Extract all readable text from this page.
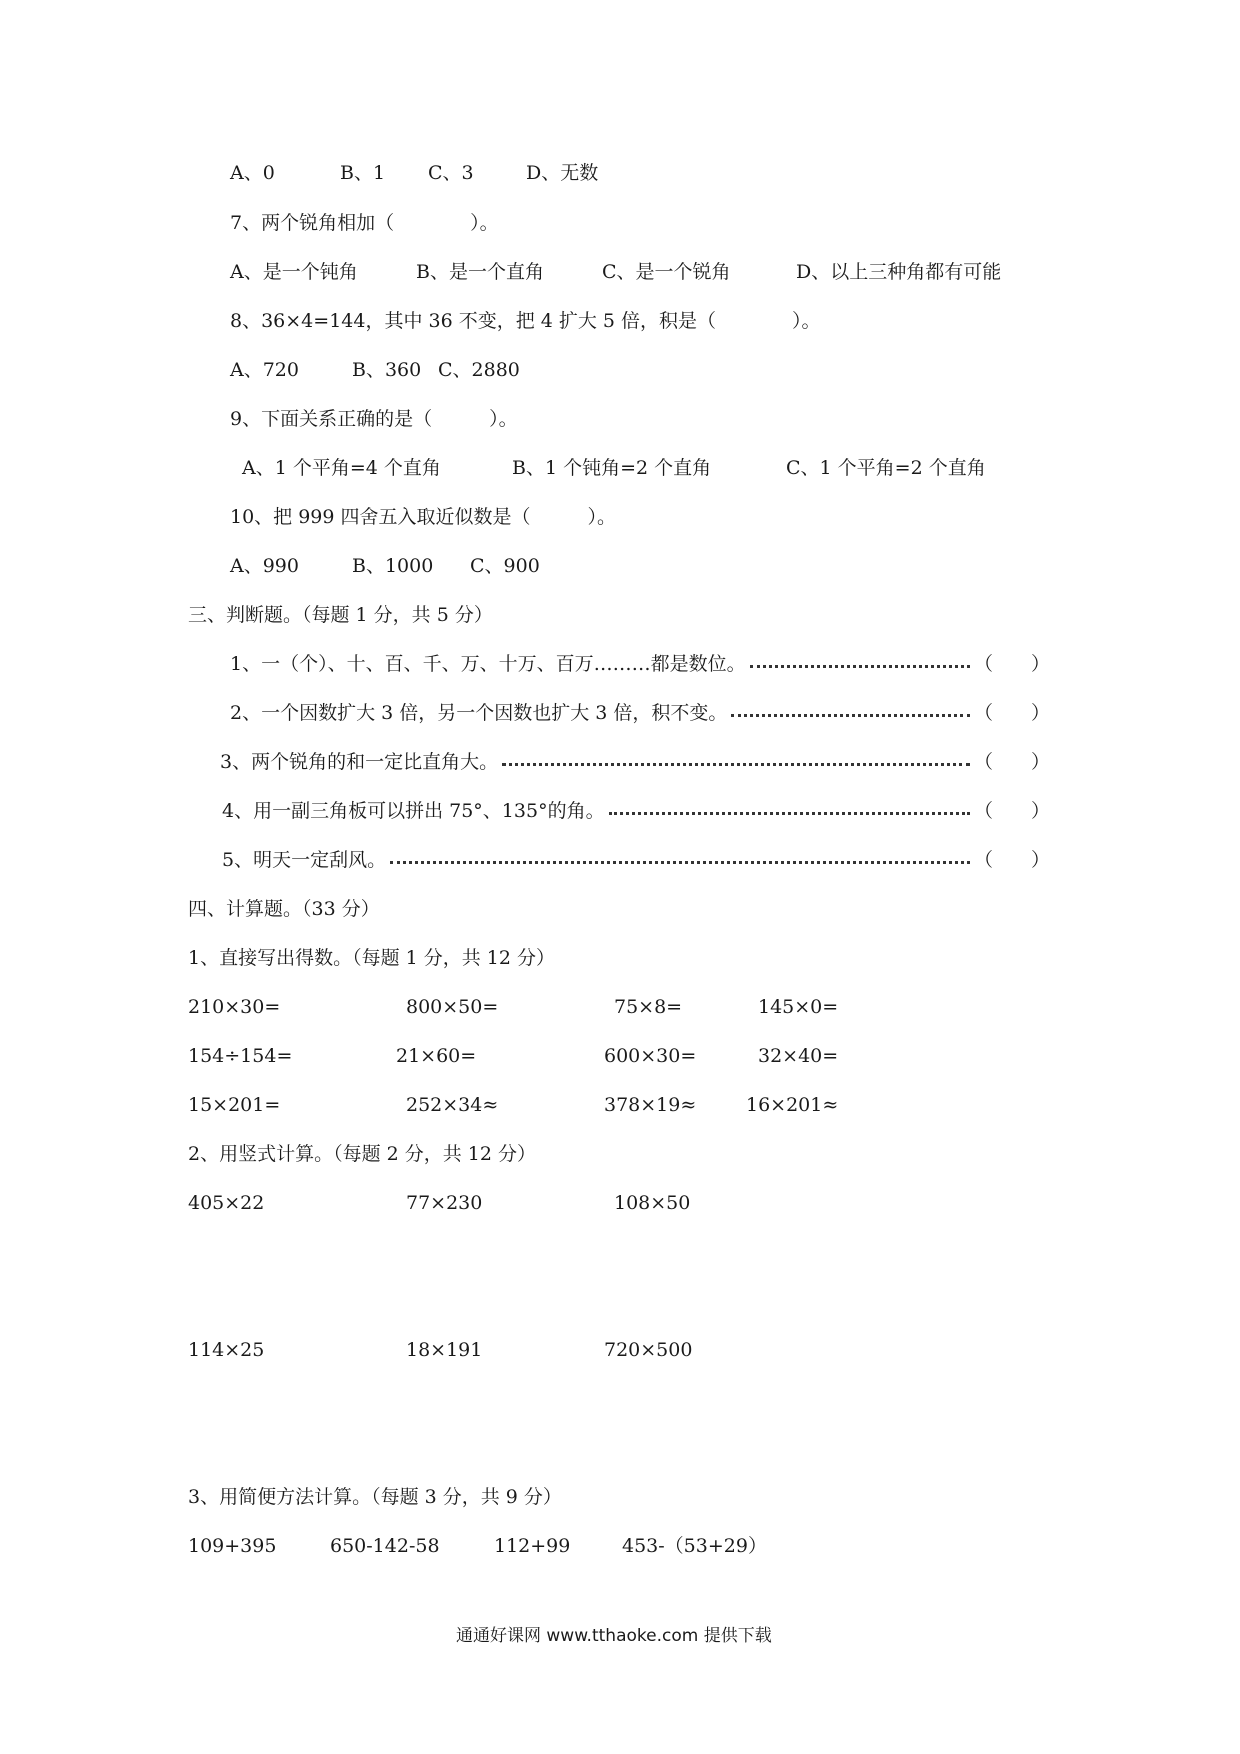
A、0	B、1 C、3	D、无数
7、两个锐角相加（　　　　）。
A、是一个钝角	B、是一个直角	C、是一个锐角	D、以上三种角都有可能
8、36×4=144，其中 36 不变，把 4 扩大 5 倍，积是（　　　　）。
A、720	B、360 C、2880
9、下面关系正确的是（　　　）。
A、1 个平角=4 个直角	B、1 个钝角=2 个直角	C、1 个平角=2 个直角
10、把 999 四舍五入取近似数是（　　　）。
A、990	B、1000 C、900
三、判断题。（每题 1 分，共 5 分）
1、一（个）、十、百、千、万、十万、百万………都是数位。	（　　）
2、一个因数扩大 3 倍，另一个因数也扩大 3 倍，积不变。	（　　）
3、两个锐角的和一定比直角大。	（　　）
4、用一副三角板可以拼出 75°、135°的角。	（　　）
5、明天一定刮风。	（　　）
四、计算题。（33 分）
1、直接写出得数。（每题 1 分，共 12 分）
210×30=	800×50=	75×8=	145×0=
154÷154=	21×60=	600×30=	32×40=
15×201=	252×34≈	378×19≈	16×201≈
2、用竖式计算。（每题 2 分，共 12 分）
405×22	77×230	108×50
114×25	18×191	720×500
3、用简便方法计算。（每题 3 分，共 9 分）
109+395	650-142-58	112+99	453-（53+29）
通通好课网 www.tthaoke.com 提供下载
